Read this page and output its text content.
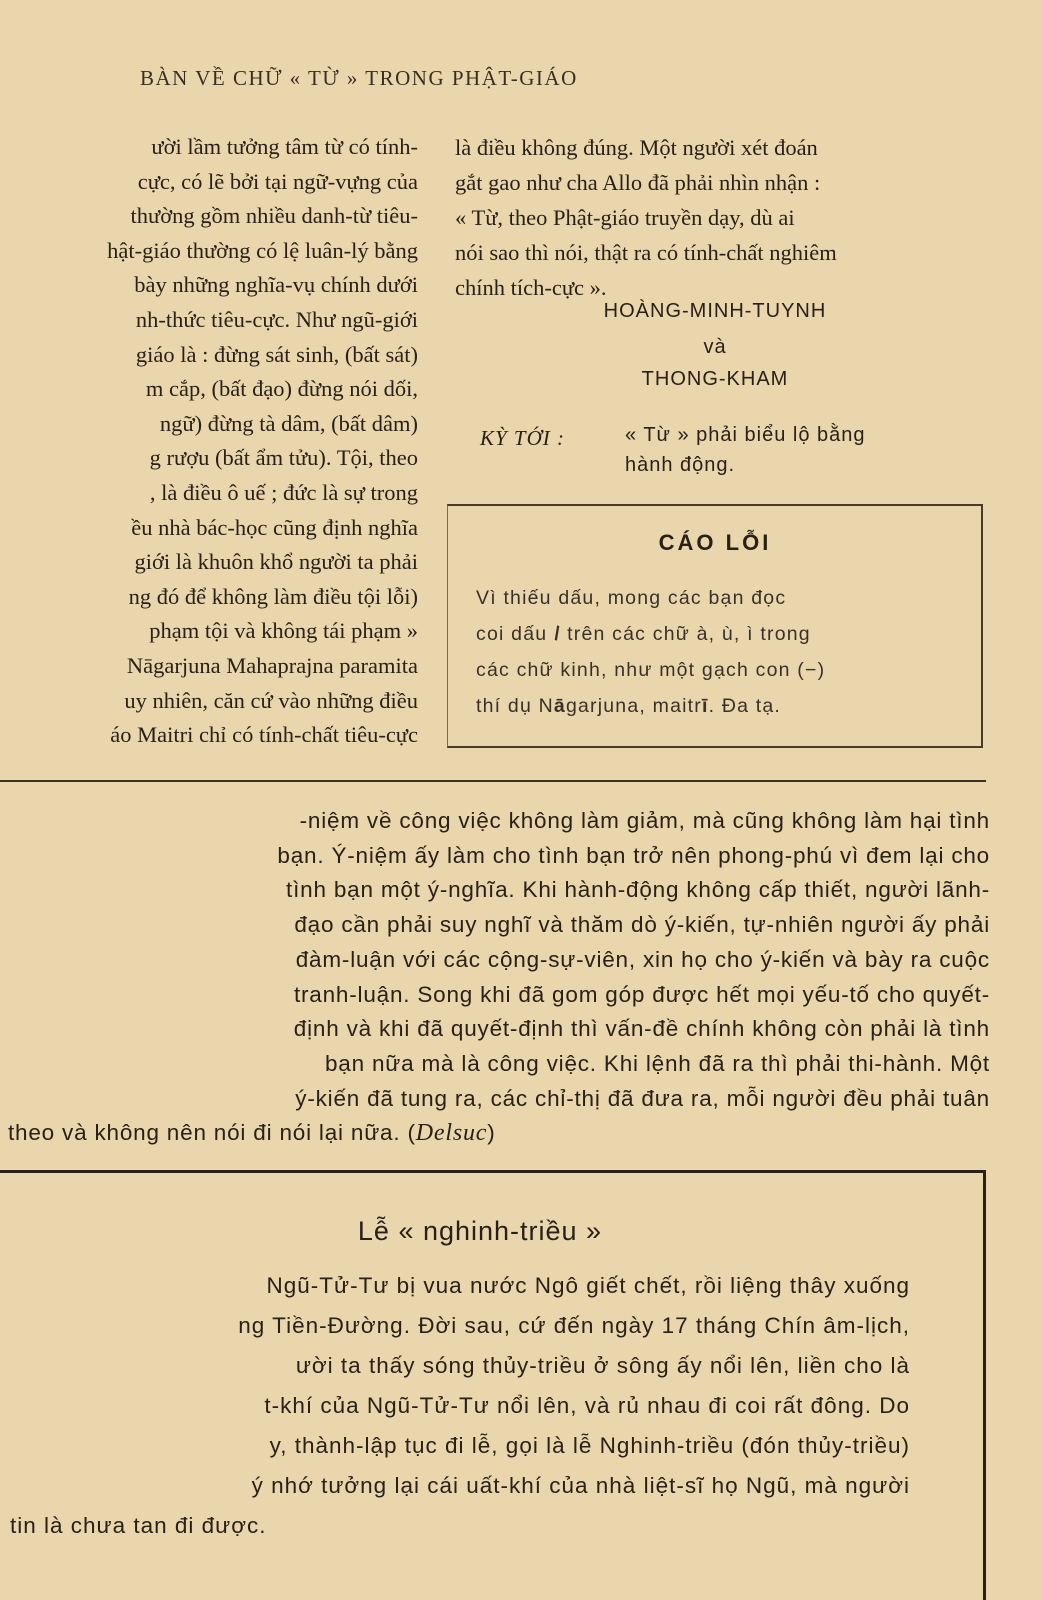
BÀN VỀ CHỮ « TỪ » TRONG PHẬT-GIÁO
ười lầm tưởng tâm từ có tính-
cực, có lẽ bởi tại ngữ-vựng của
thường gồm nhiều danh-từ tiêu-
hật-giáo thường có lệ luân-lý bằng
bày những nghĩa-vụ chính dưới
nh-thức tiêu-cực. Như ngũ-giới
giáo là : đừng sát sinh, (bất sát)
m cắp, (bất đạo) đừng nói dối,
ngữ) đừng tà dâm, (bất dâm)
g rượu (bất ẩm tửu). Tội, theo
, là điều ô uế ; đức là sự trong
ều nhà bác-học cũng định nghĩa
giới là khuôn khổ người ta phải
ng đó để không làm điều tội lỗi)
phạm tội và không tái phạm »
Nāgarjuna Mahaprajna paramita
uy nhiên, căn cứ vào những điều
áo Maitri chỉ có tính-chất tiêu-cực
là điều không đúng. Một người xét đoán
gắt gao như cha Allo đã phải nhìn nhận :
« Từ, theo Phật-giáo truyền dạy, dù ai
nói sao thì nói, thật ra có tính-chất nghiêm
chính tích-cực ».
HOÀNG-MINH-TUYNH
và
THONG-KHAM
KỲ TỚI :	« Từ » phải biểu lộ bằng
hành động.
CÁO LỖI
Vì thiếu dấu, mong các bạn đọc
coi dấu \ trên các chữ à, ù, ì trong
các chữ kinh, như một gạch con (−)
thí dụ Nāgarjuna, maitrī. Đa tạ.
-niệm về công việc không làm giảm, mà cũng không làm hại tình
bạn. Ý-niệm ấy làm cho tình bạn trở nên phong-phú vì đem lại cho
tình bạn một ý-nghĩa. Khi hành-động không cấp thiết, người lãnh-
đạo cần phải suy nghĩ và thăm dò ý-kiến, tự-nhiên người ấy phải
đàm-luận với các cộng-sự-viên, xin họ cho ý-kiến và bày ra cuộc
tranh-luận. Song khi đã gom góp được hết mọi yếu-tố cho quyết-
định và khi đã quyết-định thì vấn-đề chính không còn phải là tình
bạn nữa mà là công việc. Khi lệnh đã ra thì phải thi-hành. Một
ý-kiến đã tung ra, các chỉ-thị đã đưa ra, mỗi người đều phải tuân
theo và không nên nói đi nói lại nữa. (Delsuc)
Lễ « nghinh-triều »
Ngũ-Tử-Tư bị vua nước Ngô giết chết, rồi liệng thây xuống
ng Tiền-Đường. Đời sau, cứ đến ngày 17 tháng Chín âm-lịch,
ười ta thấy sóng thủy-triều ở sông ấy nổi lên, liền cho là
t-khí của Ngũ-Tử-Tư nổi lên, và rủ nhau đi coi rất đông. Do
y, thành-lập tục đi lễ, gọi là lễ Nghinh-triều (đón thủy-triều)
ý nhớ tưởng lại cái uất-khí của nhà liệt-sĩ họ Ngũ, mà người
tin là chưa tan đi được.
